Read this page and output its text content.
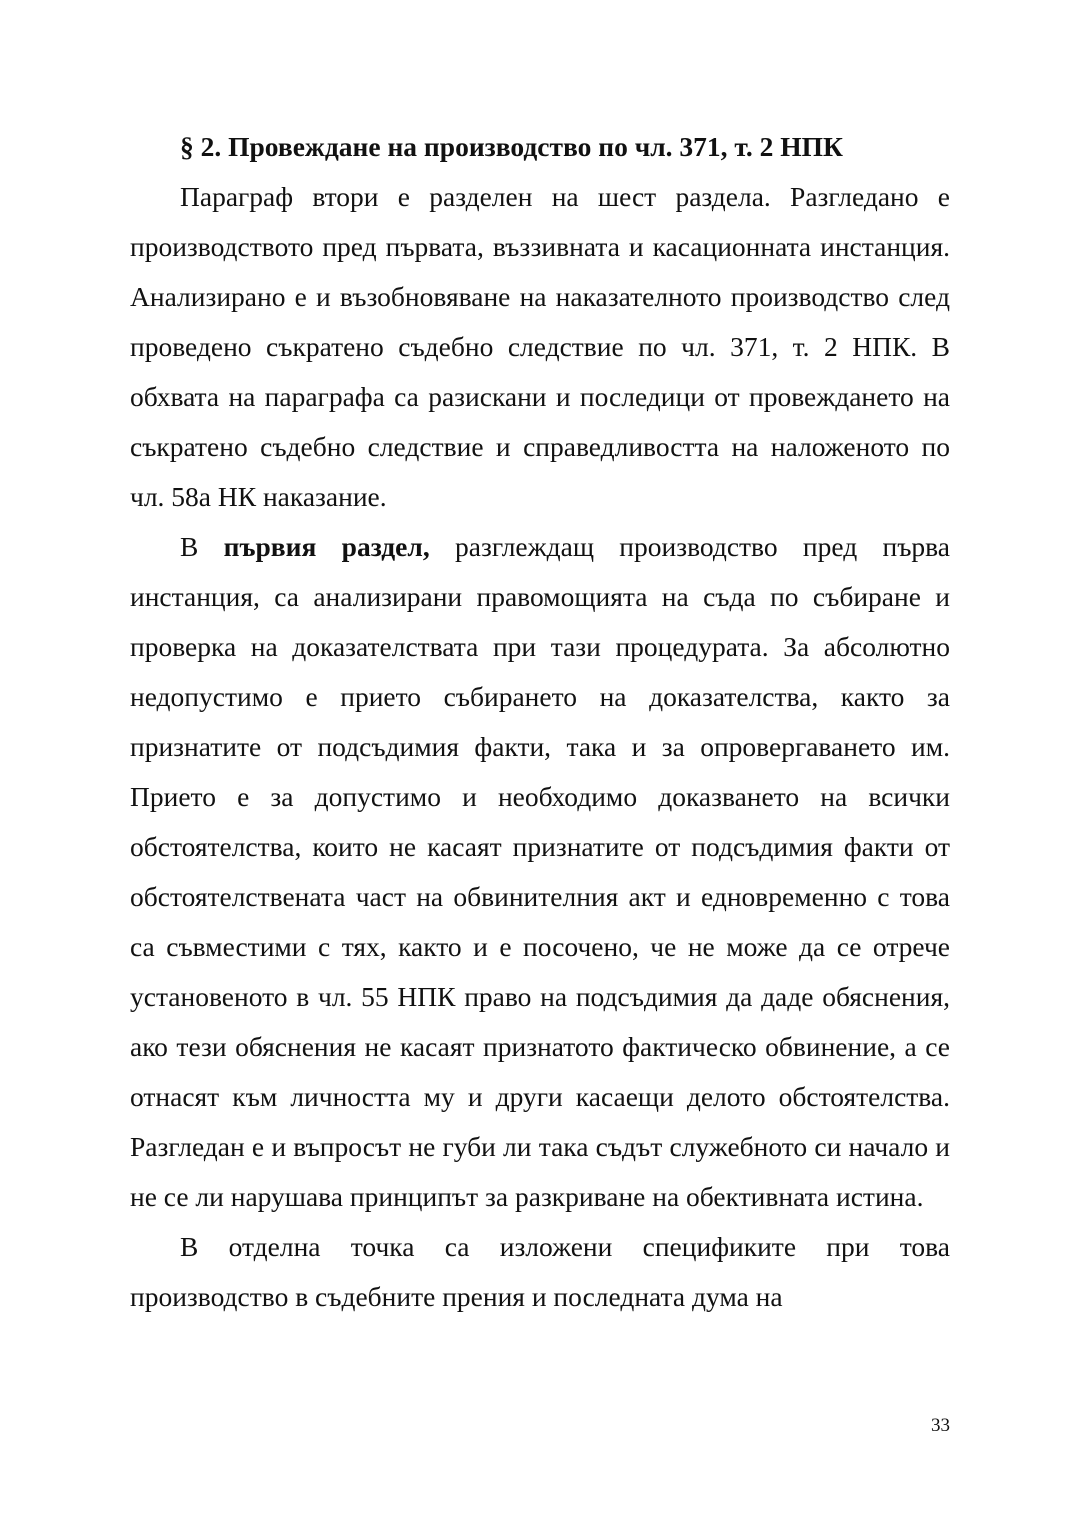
§ 2. Провеждане на производство по чл. 371, т. 2 НПК

Параграф втори е разделен на шест раздела. Разгледано е производството пред първата, въззивната и касационната инстанция. Анализирано е и възобновяване на наказателното производство след проведено съкратено съдебно следствие по чл. 371, т. 2 НПК. В обхвата на параграфа са разискани и последици от провеждането на съкратено съдебно следствие и справедливостта на наложеното по чл. 58а НК наказание.

В първия раздел, разглеждащ производство пред първа инстанция, са анализирани правомощията на съда по събиране и проверка на доказателствата при тази процедурата. За абсолютно недопустимо е прието събирането на доказателства, както за признатите от подсъдимия факти, така и за опровергаването им. Прието е за допустимо и необходимо доказването на всички обстоятелства, които не касаят признатите от подсъдимия факти от обстоятелствената част на обвинителния акт и едновременно с това са съвместими с тях, както и е посочено, че не може да се отрече установеното в чл. 55 НПК право на подсъдимия да даде обяснения, ако тези обяснения не касаят признатото фактическо обвинение, а се отнасят към личността му и други касаещи делото обстоятелства. Разгледан е и въпросът не губи ли така съдът служебното си начало и не се ли нарушава принципът за разкриване на обективната истина.

В отделна точка са изложени спецификите при това производство в съдебните прения и последната дума на

33
